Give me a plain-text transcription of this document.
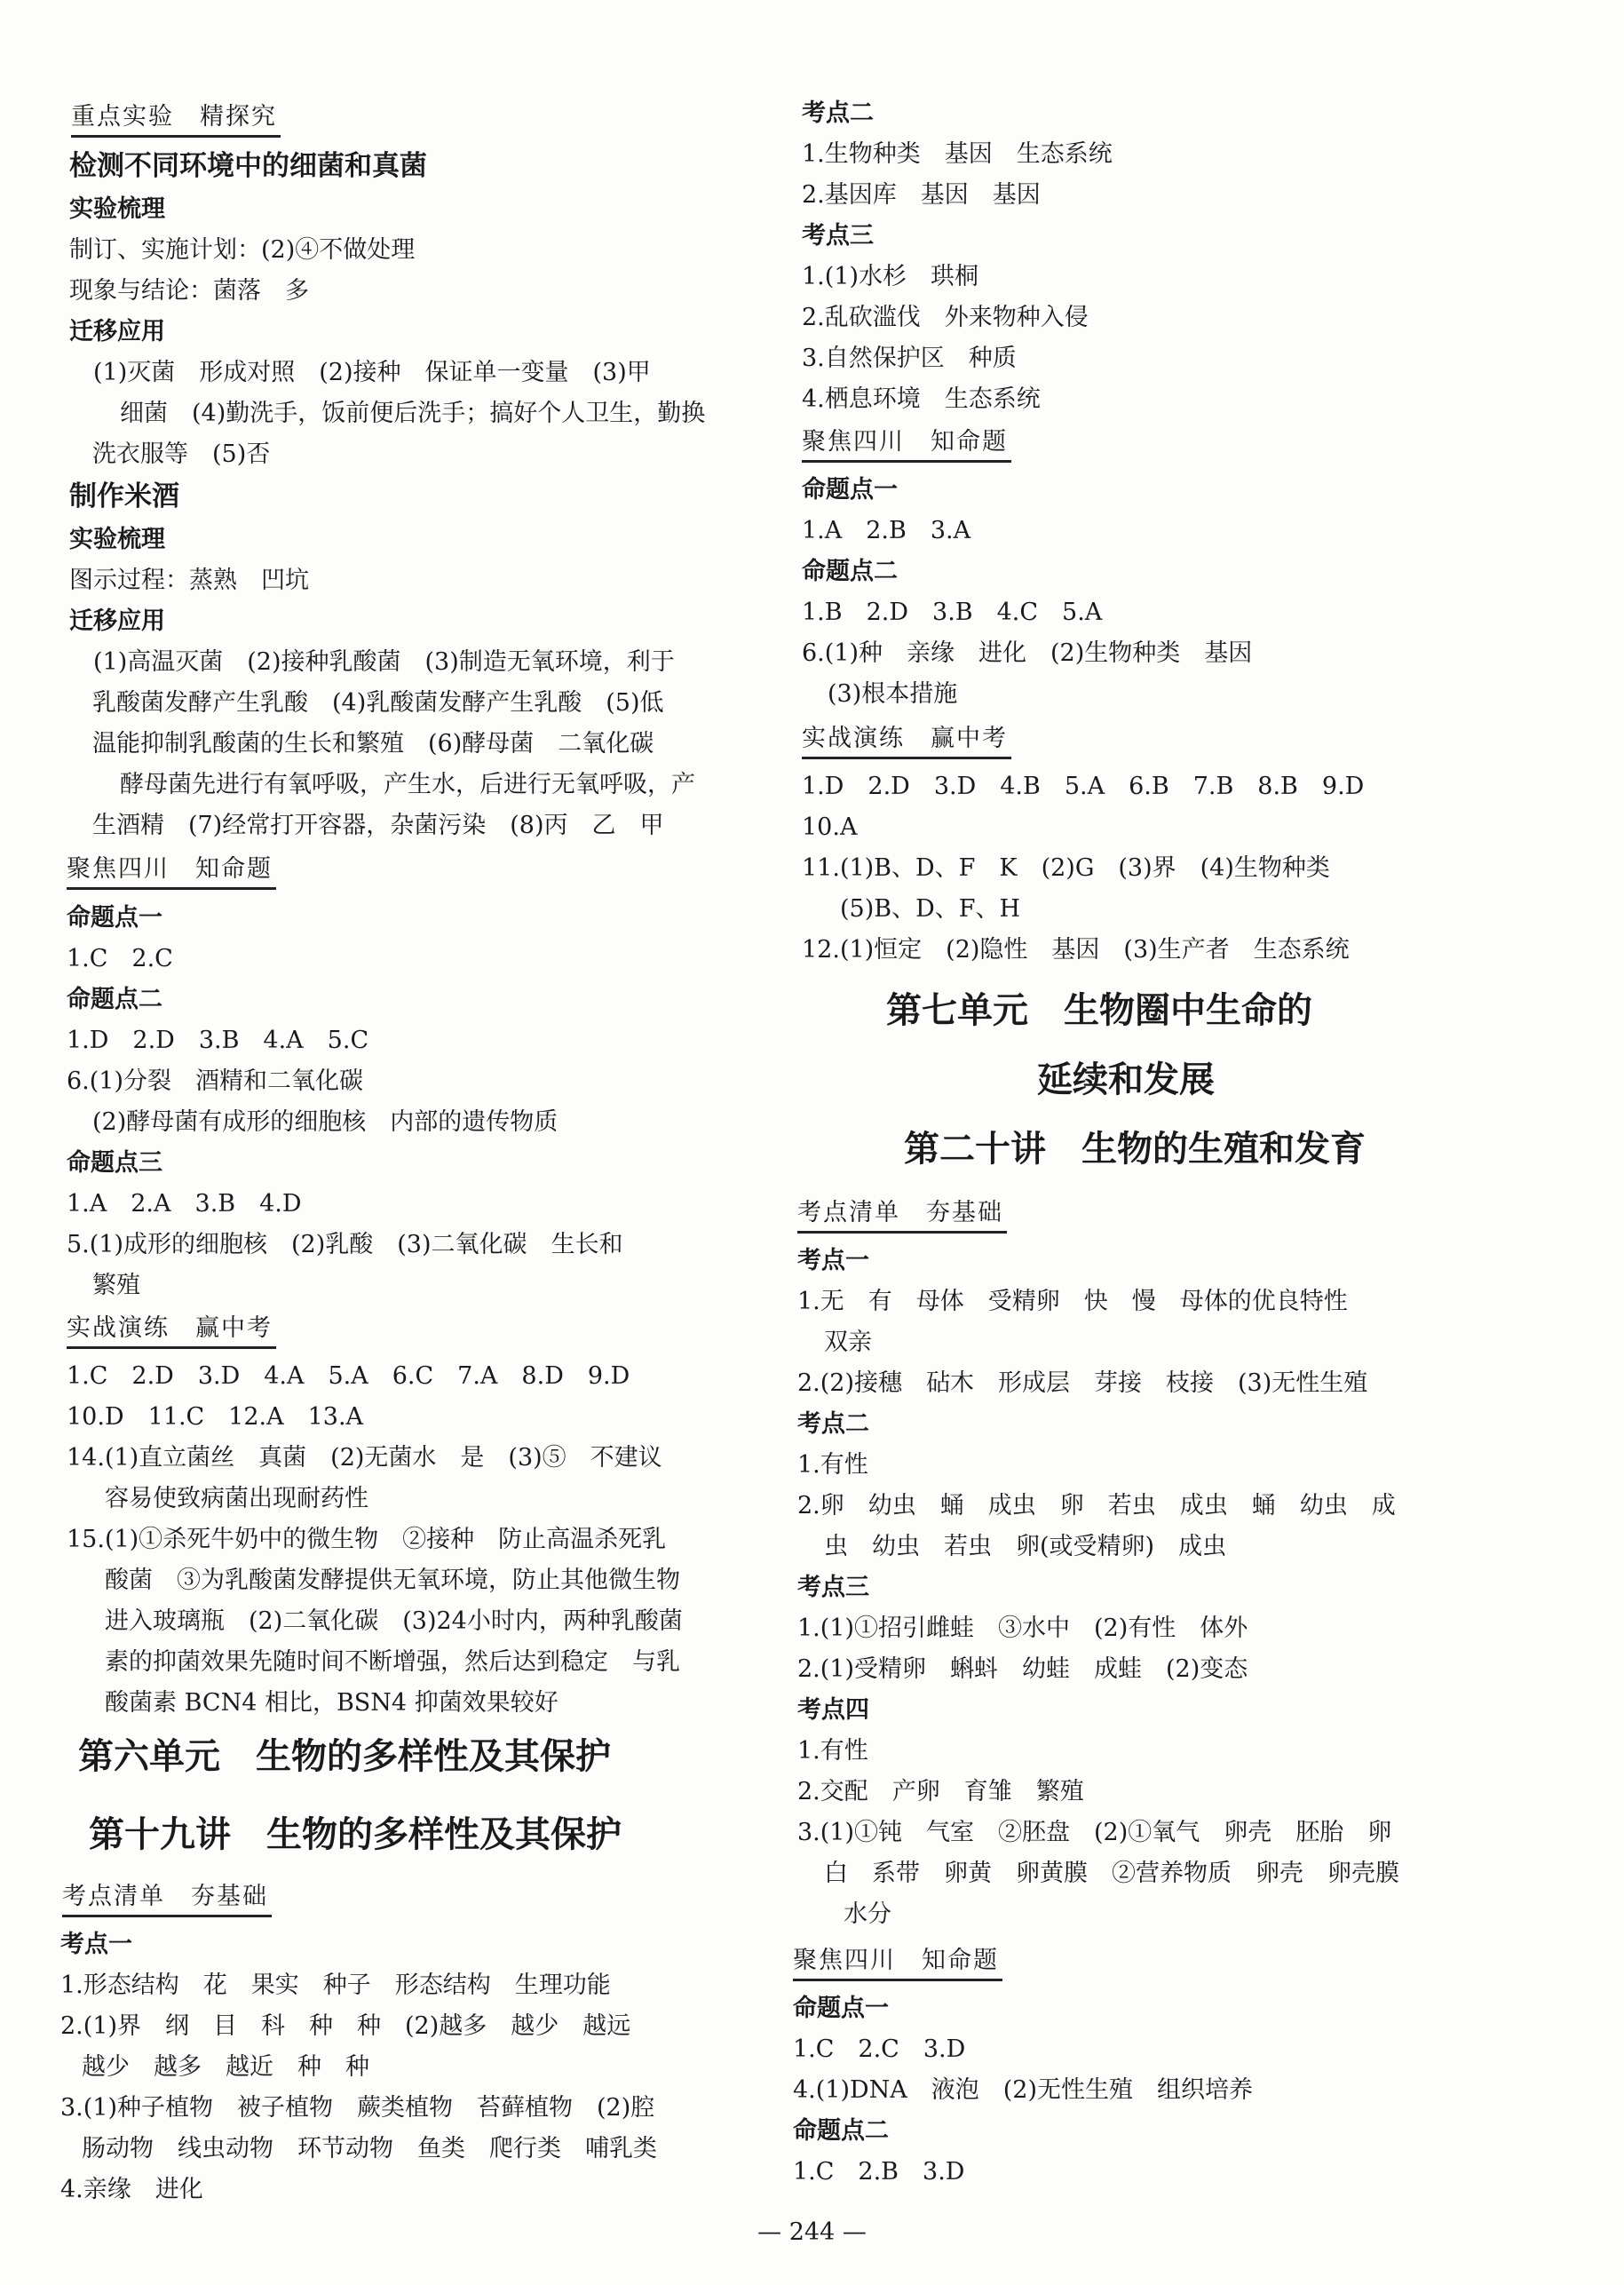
重点实验　精探究
检测不同环境中的细菌和真菌
实验梳理
制订、实施计划：(2)④不做处理
现象与结论：菌落　多
迁移应用
　(1)灭菌　形成对照　(2)接种　保证单一变量　(3)甲
细菌　(4)勤洗手，饭前便后洗手；搞好个人卫生，勤换
洗衣服等　(5)否
制作米酒
实验梳理
图示过程：蒸熟　凹坑
迁移应用
　(1)高温灭菌　(2)接种乳酸菌　(3)制造无氧环境，利于
乳酸菌发酵产生乳酸　(4)乳酸菌发酵产生乳酸　(5)低
温能抑制乳酸菌的生长和繁殖　(6)酵母菌　二氧化碳
酵母菌先进行有氧呼吸，产生水，后进行无氧呼吸，产
生酒精　(7)经常打开容器，杂菌污染　(8)丙　乙　甲
聚焦四川　知命题
命题点一
1.C　2.C
命题点二
1.D　2.D　3.B　4.A　5.C
6.(1)分裂　酒精和二氧化碳
(2)酵母菌有成形的细胞核　内部的遗传物质
命题点三
1.A　2.A　3.B　4.D
5.(1)成形的细胞核　(2)乳酸　(3)二氧化碳　生长和
繁殖
实战演练　赢中考
1.C　2.D　3.D　4.A　5.A　6.C　7.A　8.D　9.D
10.D　11.C　12.A　13.A
14.(1)直立菌丝　真菌　(2)无菌水　是　(3)⑤　不建议
容易使致病菌出现耐药性
15.(1)①杀死牛奶中的微生物　②接种　防止高温杀死乳
酸菌　③为乳酸菌发酵提供无氧环境，防止其他微生物
进入玻璃瓶　(2)二氧化碳　(3)24小时内，两种乳酸菌
素的抑菌效果先随时间不断增强，然后达到稳定　与乳
酸菌素 BCN4 相比，BSN4 抑菌效果较好
第六单元　生物的多样性及其保护
第十九讲　生物的多样性及其保护
考点清单　夯基础
考点一
1.形态结构　花　果实　种子　形态结构　生理功能
2.(1)界　纲　目　科　种　种　(2)越多　越少　越远
越少　越多　越近　种　种
3.(1)种子植物　被子植物　蕨类植物　苔藓植物　(2)腔
肠动物　线虫动物　环节动物　鱼类　爬行类　哺乳类
4.亲缘　进化
考点二
1.生物种类　基因　生态系统
2.基因库　基因　基因
考点三
1.(1)水杉　珙桐
2.乱砍滥伐　外来物种入侵
3.自然保护区　种质
4.栖息环境　生态系统
聚焦四川　知命题
命题点一
1.A　2.B　3.A
命题点二
1.B　2.D　3.B　4.C　5.A
6.(1)种　亲缘　进化　(2)生物种类　基因
(3)根本措施
实战演练　赢中考
1.D　2.D　3.D　4.B　5.A　6.B　7.B　8.B　9.D
10.A
11.(1)B、D、F　K　(2)G　(3)界　(4)生物种类
(5)B、D、F、H
12.(1)恒定　(2)隐性　基因　(3)生产者　生态系统
第七单元　生物圈中生命的
延续和发展
第二十讲　生物的生殖和发育
考点清单　夯基础
考点一
1.无　有　母体　受精卵　快　慢　母体的优良特性
双亲
2.(2)接穗　砧木　形成层　芽接　枝接　(3)无性生殖
考点二
1.有性
2.卵　幼虫　蛹　成虫　卵　若虫　成虫　蛹　幼虫　成
虫　幼虫　若虫　卵(或受精卵)　成虫
考点三
1.(1)①招引雌蛙　③水中　(2)有性　体外
2.(1)受精卵　蝌蚪　幼蛙　成蛙　(2)变态
考点四
1.有性
2.交配　产卵　育雏　繁殖
3.(1)①钝　气室　②胚盘　(2)①氧气　卵壳　胚胎　卵
白　系带　卵黄　卵黄膜　②营养物质　卵壳　卵壳膜
水分
聚焦四川　知命题
命题点一
1.C　2.C　3.D
4.(1)DNA　液泡　(2)无性生殖　组织培养
命题点二
1.C　2.B　3.D
— 244 —
